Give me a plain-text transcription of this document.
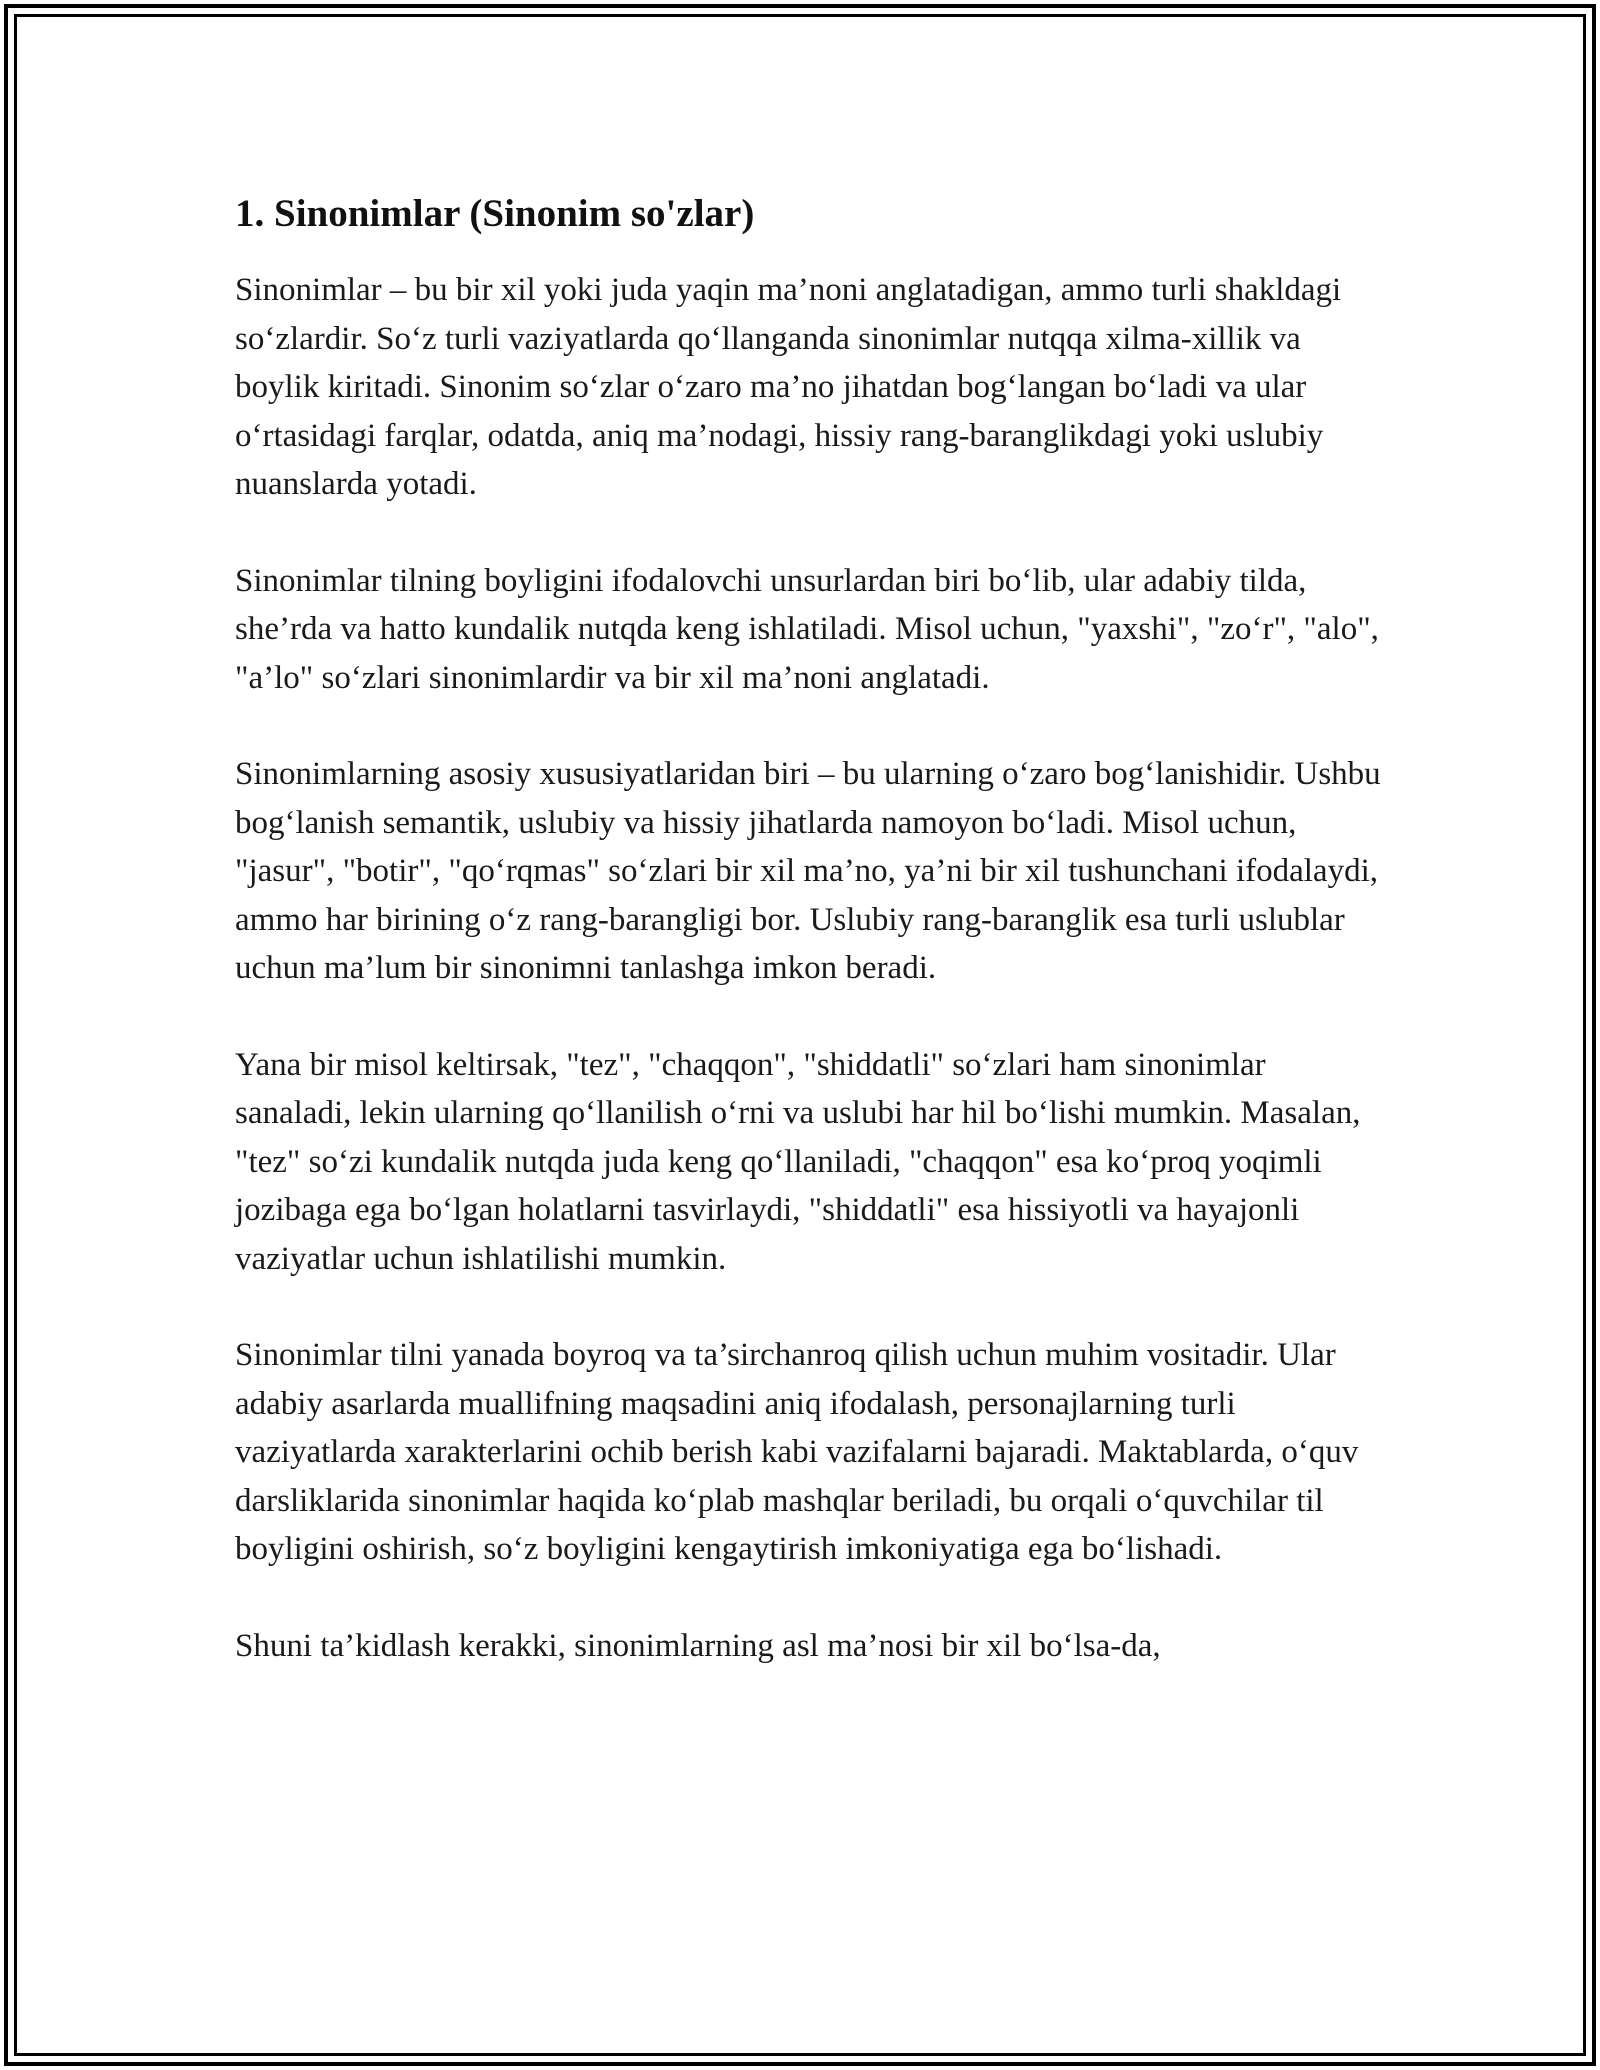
1. Sinonimlar (Sinonim so'zlar)

Sinonimlar – bu bir xil yoki juda yaqin ma’noni anglatadigan, ammo turli shakldagi so‘zlardir. So‘z turli vaziyatlarda qo‘llanganda sinonimlar nutqqa xilma-xillik va boylik kiritadi. Sinonim so‘zlar o‘zaro ma’no jihatdan bog‘langan bo‘ladi va ular o‘rtasidagi farqlar, odatda, aniq ma’nodagi, hissiy rang-baranglikdagi yoki uslubiy nuanslarda yotadi.

Sinonimlar tilning boyligini ifodalovchi unsurlardan biri bo‘lib, ular adabiy tilda, she’rda va hatto kundalik nutqda keng ishlatiladi. Misol uchun, "yaxshi", "zo‘r", "alo", "a’lo" so‘zlari sinonimlardir va bir xil ma’noni anglatadi.

Sinonimlarning asosiy xususiyatlaridan biri – bu ularning o‘zaro bog‘lanishidir. Ushbu bog‘lanish semantik, uslubiy va hissiy jihatlarda namoyon bo‘ladi. Misol uchun, "jasur", "botir", "qo‘rqmas" so‘zlari bir xil ma’no, ya’ni bir xil tushunchani ifodalaydi, ammo har birining o‘z rang-barangligi bor. Uslubiy rang-baranglik esa turli uslublar uchun ma’lum bir sinonimni tanlashga imkon beradi.

Yana bir misol keltirsak, "tez", "chaqqon", "shiddatli" so‘zlari ham sinonimlar sanaladi, lekin ularning qo‘llanilish o‘rni va uslubi har hil bo‘lishi mumkin. Masalan, "tez" so‘zi kundalik nutqda juda keng qo‘llaniladi, "chaqqon" esa ko‘proq yoqimli jozibaga ega bo‘lgan holatlarni tasvirlaydi, "shiddatli" esa hissiyotli va hayajonli vaziyatlar uchun ishlatilishi mumkin.

Sinonimlar tilni yanada boyroq va ta’sirchanroq qilish uchun muhim vositadir. Ular adabiy asarlarda muallifning maqsadini aniq ifodalash, personajlarning turli vaziyatlarda xarakterlarini ochib berish kabi vazifalarni bajaradi. Maktablarda, o‘quv darsliklarida sinonimlar haqida ko‘plab mashqlar beriladi, bu orqali o‘quvchilar til boyligini oshirish, so‘z boyligini kengaytirish imkoniyatiga ega bo‘lishadi.

Shuni ta’kidlash kerakki, sinonimlarning asl ma’nosi bir xil bo‘lsa-da,
